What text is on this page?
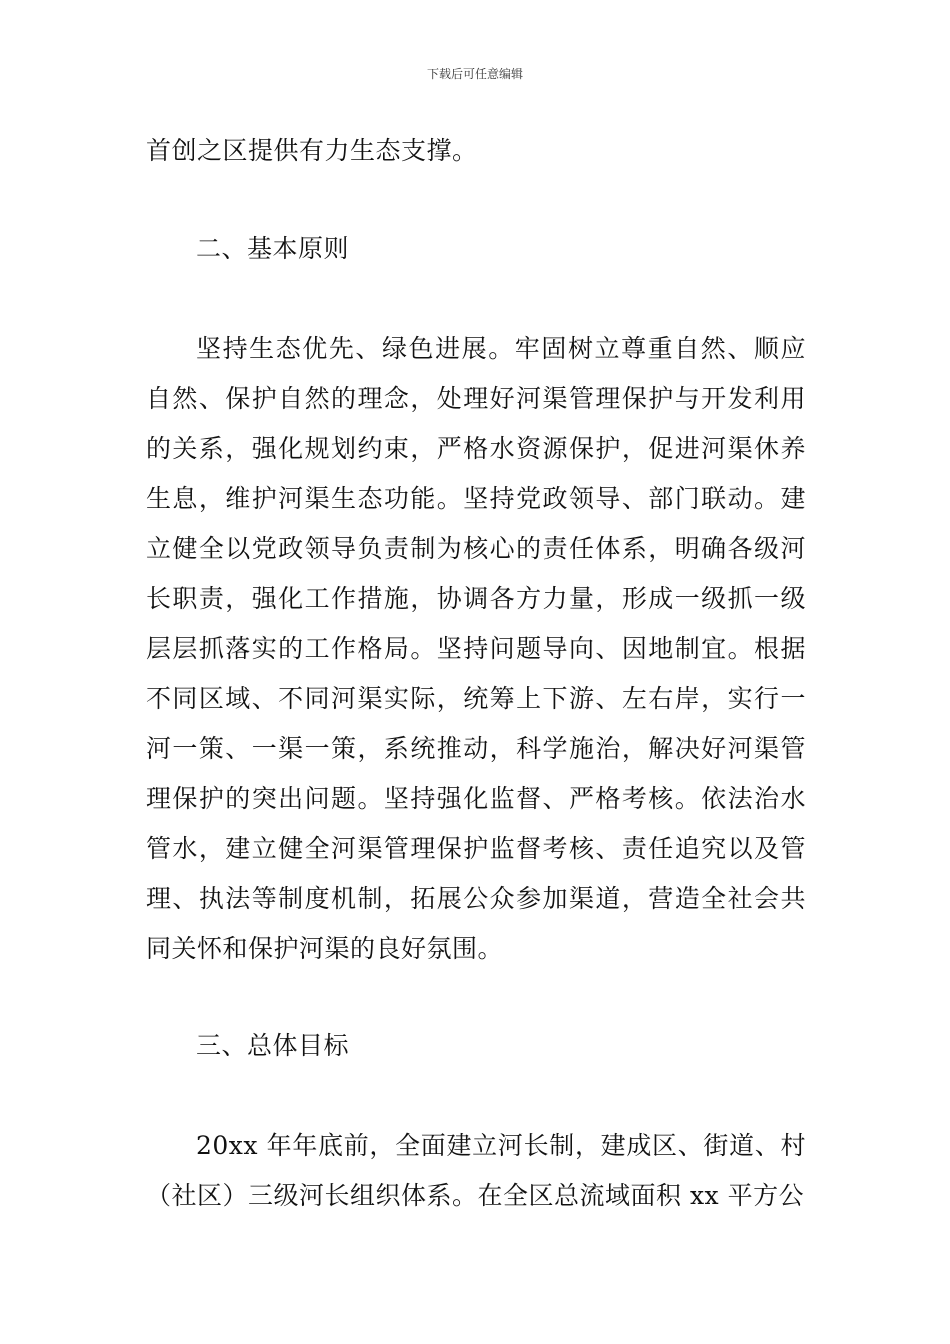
下载后可任意编辑

首创之区提供有力生态支撑。

二、基本原则

坚持生态优先、绿色进展。牢固树立尊重自然、顺应自然、保护自然的理念，处理好河渠管理保护与开发利用的关系，强化规划约束，严格水资源保护，促进河渠休养生息，维护河渠生态功能。坚持党政领导、部门联动。建立健全以党政领导负责制为核心的责任体系，明确各级河长职责，强化工作措施，协调各方力量，形成一级抓一级层层抓落实的工作格局。坚持问题导向、因地制宜。根据不同区域、不同河渠实际，统筹上下游、左右岸，实行一河一策、一渠一策，系统推动，科学施治，解决好河渠管理保护的突出问题。坚持强化监督、严格考核。依法治水管水，建立健全河渠管理保护监督考核、责任追究以及管理、执法等制度机制，拓展公众参加渠道，营造全社会共同关怀和保护河渠的良好氛围。

三、总体目标

20xx 年年底前，全面建立河长制，建成区、街道、村（社区）三级河长组织体系。在全区总流域面积 xx 平方公
